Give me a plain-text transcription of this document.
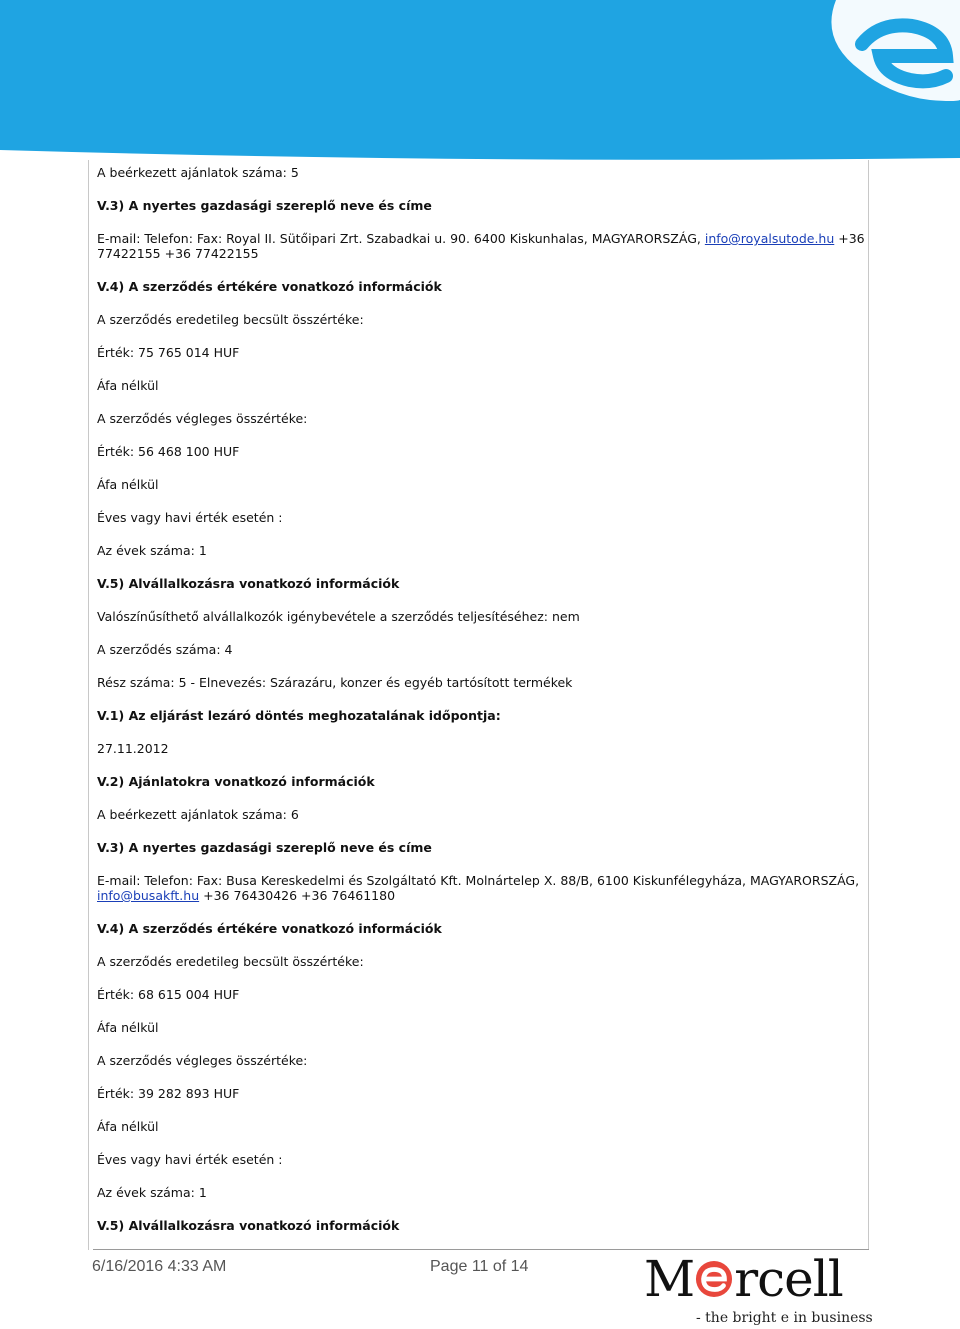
A beérkezett ajánlatok száma: 5
V.3) A nyertes gazdasági szereplő neve és címe
E-mail: Telefon: Fax: Royal II. Sütőipari Zrt. Szabadkai u. 90. 6400 Kiskunhalas, MAGYARORSZÁG, info@royalsutode.hu +36
77422155 +36 77422155
V.4) A szerződés értékére vonatkozó információk
A szerződés eredetileg becsült összértéke:
Érték: 75 765 014 HUF
Áfa nélkül
A szerződés végleges összértéke:
Érték: 56 468 100 HUF
Áfa nélkül
Éves vagy havi érték esetén :
Az évek száma: 1
V.5) Alvállalkozásra vonatkozó információk
Valószínűsíthető alvállalkozók igénybevétele a szerződés teljesítéséhez: nem
A szerződés száma: 4
Rész száma: 5 - Elnevezés: Szárazáru, konzer és egyéb tartósított termékek
V.1) Az eljárást lezáró döntés meghozatalának időpontja:
27.11.2012
V.2) Ajánlatokra vonatkozó információk
A beérkezett ajánlatok száma: 6
V.3) A nyertes gazdasági szereplő neve és címe
E-mail: Telefon: Fax: Busa Kereskedelmi és Szolgáltató Kft. Molnártelep X. 88/B, 6100 Kiskunfélegyháza, MAGYARORSZÁG,
info@busakft.hu +36 76430426 +36 76461180
V.4) A szerződés értékére vonatkozó információk
A szerződés eredetileg becsült összértéke:
Érték: 68 615 004 HUF
Áfa nélkül
A szerződés végleges összértéke:
Érték: 39 282 893 HUF
Áfa nélkül
Éves vagy havi érték esetén :
Az évek száma: 1
V.5) Alvállalkozásra vonatkozó információk
6/16/2016 4:33 AM	Page 11 of 14 M rcell
- the bright e in business
